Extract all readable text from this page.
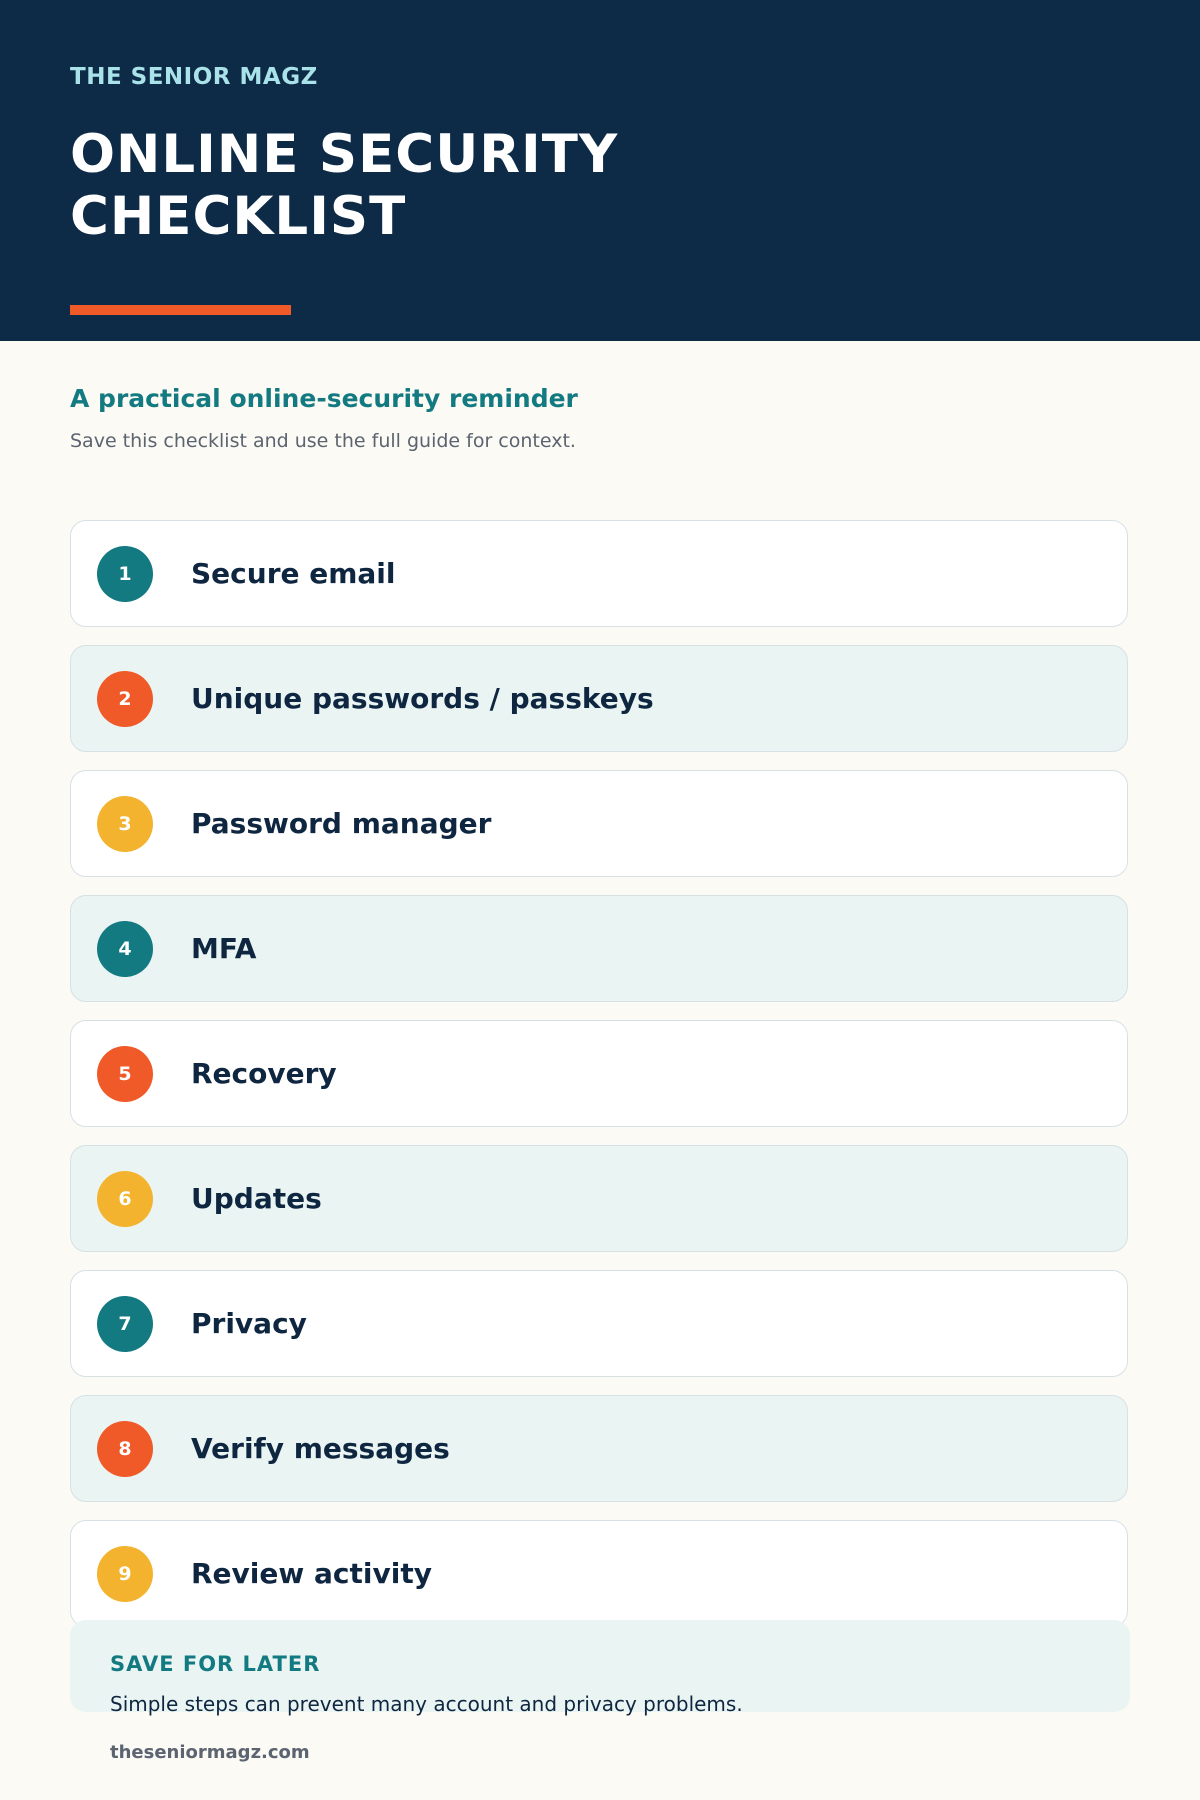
THE SENIOR MAGZ
ONLINE SECURITY CHECKLIST
A practical online-security reminder
Save this checklist and use the full guide for context.
1	Secure email
2	Unique passwords / passkeys
3	Password manager
4	MFA
5	Recovery
6	Updates
7	Privacy
8	Verify messages
9	Review activity
SAVE FOR LATER
Simple steps can prevent many account and privacy problems.
theseniormagz.com
